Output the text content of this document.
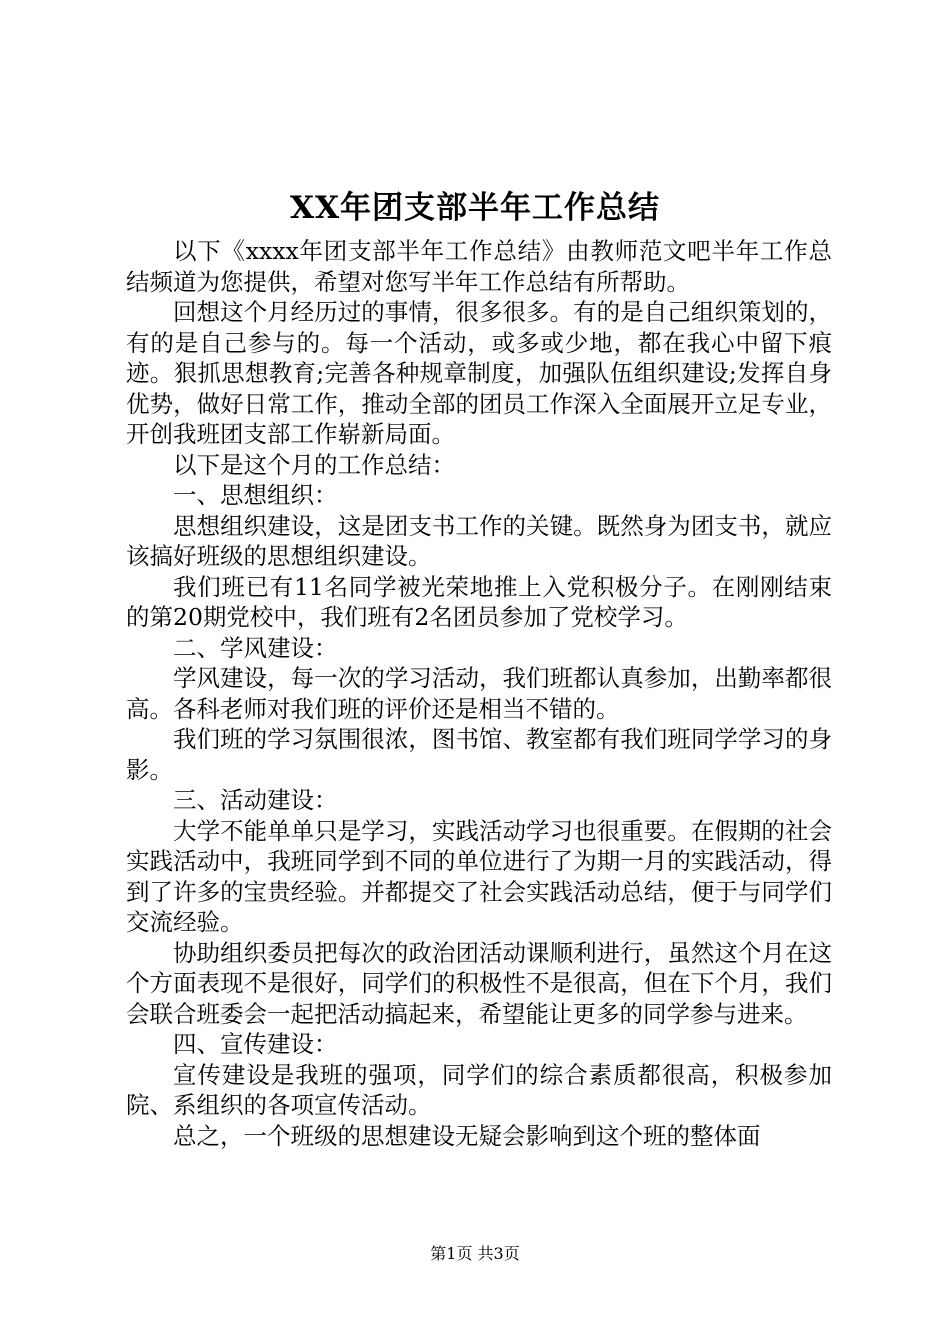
XX年团支部半年工作总结

以下《xxxx年团支部半年工作总结》由教师范文吧半年工作总结频道为您提供，希望对您写半年工作总结有所帮助。

回想这个月经历过的事情，很多很多。有的是自己组织策划的，有的是自己参与的。每一个活动，或多或少地，都在我心中留下痕迹。狠抓思想教育;完善各种规章制度，加强队伍组织建设;发挥自身优势，做好日常工作，推动全部的团员工作深入全面展开立足专业，开创我班团支部工作崭新局面。

以下是这个月的工作总结：

一、思想组织：

思想组织建设，这是团支书工作的关键。既然身为团支书，就应该搞好班级的思想组织建设。

我们班已有11名同学被光荣地推上入党积极分子。在刚刚结束的第20期党校中，我们班有2名团员参加了党校学习。

二、学风建设：

学风建设，每一次的学习活动，我们班都认真参加，出勤率都很高。各科老师对我们班的评价还是相当不错的。

我们班的学习氛围很浓，图书馆、教室都有我们班同学学习的身影。

三、活动建设：

大学不能单单只是学习，实践活动学习也很重要。在假期的社会实践活动中，我班同学到不同的单位进行了为期一月的实践活动，得到了许多的宝贵经验。并都提交了社会实践活动总结，便于与同学们交流经验。

协助组织委员把每次的政治团活动课顺利进行，虽然这个月在这个方面表现不是很好，同学们的积极性不是很高，但在下个月，我们会联合班委会一起把活动搞起来，希望能让更多的同学参与进来。

四、宣传建设：

宣传建设是我班的强项，同学们的综合素质都很高，积极参加院、系组织的各项宣传活动。

总之，一个班级的思想建设无疑会影响到这个班的整体面

第1页 共3页
